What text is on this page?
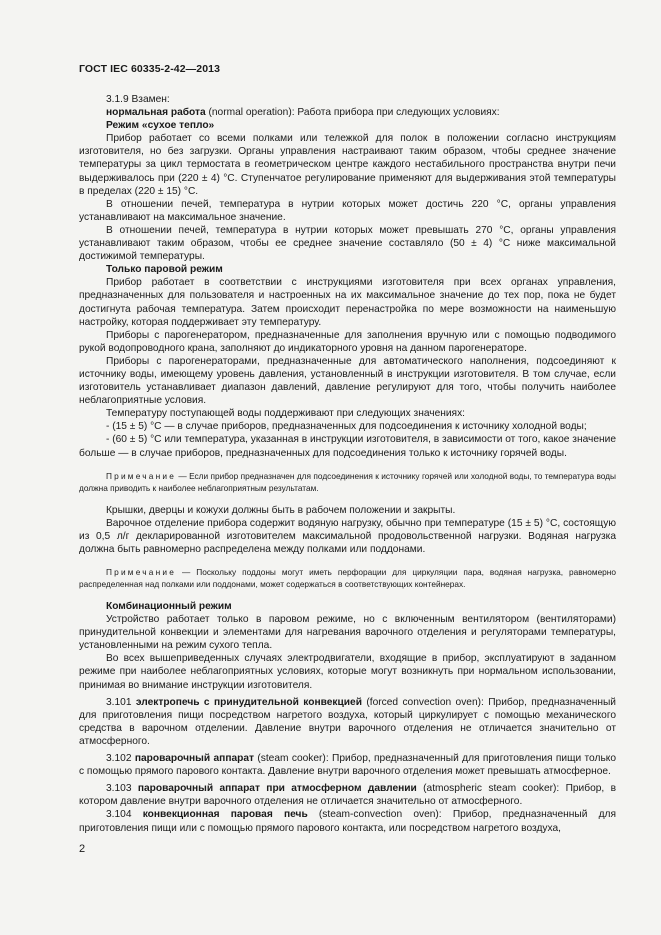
ГОСТ IEC 60335-2-42—2013

3.1.9 Взамен:

нормальная работа (normal operation): Работа прибора при следующих условиях:

Режим «сухое тепло»

Прибор работает со всеми полками или тележкой для полок в положении согласно инструкциям изготовителя, но без загрузки. Органы управления настраивают таким образом, чтобы среднее значение температуры за цикл термостата в геометрическом центре каждого нестабильного пространства внутри печи выдерживалось при (220 ± 4) °C. Ступенчатое регулирование применяют для выдерживания этой температуры в пределах (220 ± 15) °C.

В отношении печей, температура в нутрии которых может достичь 220 °C, органы управления устанавливают на максимальное значение.

В отношении печей, температура в нутрии которых может превышать 270 °C, органы управления устанавливают таким образом, чтобы ее среднее значение составляло (50 ± 4) °C ниже максимальной достижимой температуры.

Только паровой режим

Прибор работает в соответствии с инструкциями изготовителя при всех органах управления, предназначенных для пользователя и настроенных на их максимальное значение до тех пор, пока не будет достигнута рабочая температура. Затем происходит перенастройка по мере возможности на наименьшую настройку, которая поддерживает эту температуру.

Приборы с парогенератором, предназначенные для заполнения вручную или с помощью подводимого рукой водопроводного крана, заполняют до индикаторного уровня на данном парогенераторе.

Приборы с парогенераторами, предназначенные для автоматического наполнения, подсоединяют к источнику воды, имеющему уровень давления, установленный в инструкции изготовителя. В том случае, если изготовитель устанавливает диапазон давлений, давление регулируют для того, чтобы получить наиболее неблагоприятные условия.

Температуру поступающей воды поддерживают при следующих значениях:

- (15 ± 5) °C — в случае приборов, предназначенных для подсоединения к источнику холодной воды;

- (60 ± 5) °C или температура, указанная в инструкции изготовителя, в зависимости от того, какое значение больше — в случае приборов, предназначенных для подсоединения только к источнику горячей воды.

Примечание — Если прибор предназначен для подсоединения к источнику горячей или холодной воды, то температура воды должна приводить к наиболее неблагоприятным результатам.

Крышки, дверцы и кожухи должны быть в рабочем положении и закрыты.

Варочное отделение прибора содержит водяную нагрузку, обычно при температуре (15 ± 5) °C, состоящую из 0,5 л/г декларированной изготовителем максимальной продовольственной нагрузки. Водяная нагрузка должна быть равномерно распределена между полками или поддонами.

Примечание — Поскольку поддоны могут иметь перфорации для циркуляции пара, водяная нагрузка, равномерно распределенная над полками или поддонами, может содержаться в соответствующих контейнерах.

Комбинационный режим

Устройство работает только в паровом режиме, но с включенным вентилятором (вентиляторами) принудительной конвекции и элементами для нагревания варочного отделения и регуляторами температуры, установленными на режим сухого тепла.

Во всех вышеприведенных случаях электродвигатели, входящие в прибор, эксплуатируют в заданном режиме при наиболее неблагоприятных условиях, которые могут возникнуть при нормальном использовании, принимая во внимание инструкции изготовителя.

3.101 электропечь с принудительной конвекцией (forced convection oven): Прибор, предназначенный для приготовления пищи посредством нагретого воздуха, который циркулирует с помощью механического средства в варочном отделении. Давление внутри варочного отделения не отличается значительно от атмосферного.

3.102 пароварочный аппарат (steam cooker): Прибор, предназначенный для приготовления пищи только с помощью прямого парового контакта. Давление внутри варочного отделения может превышать атмосферное.

3.103 пароварочный аппарат при атмосферном давлении (atmospheric steam cooker): Прибор, в котором давление внутри варочного отделения не отличается значительно от атмосферного.

3.104 конвекционная паровая печь (steam-convection oven): Прибор, предназначенный для приготовления пищи или с помощью прямого парового контакта, или посредством нагретого воздуха,

2
